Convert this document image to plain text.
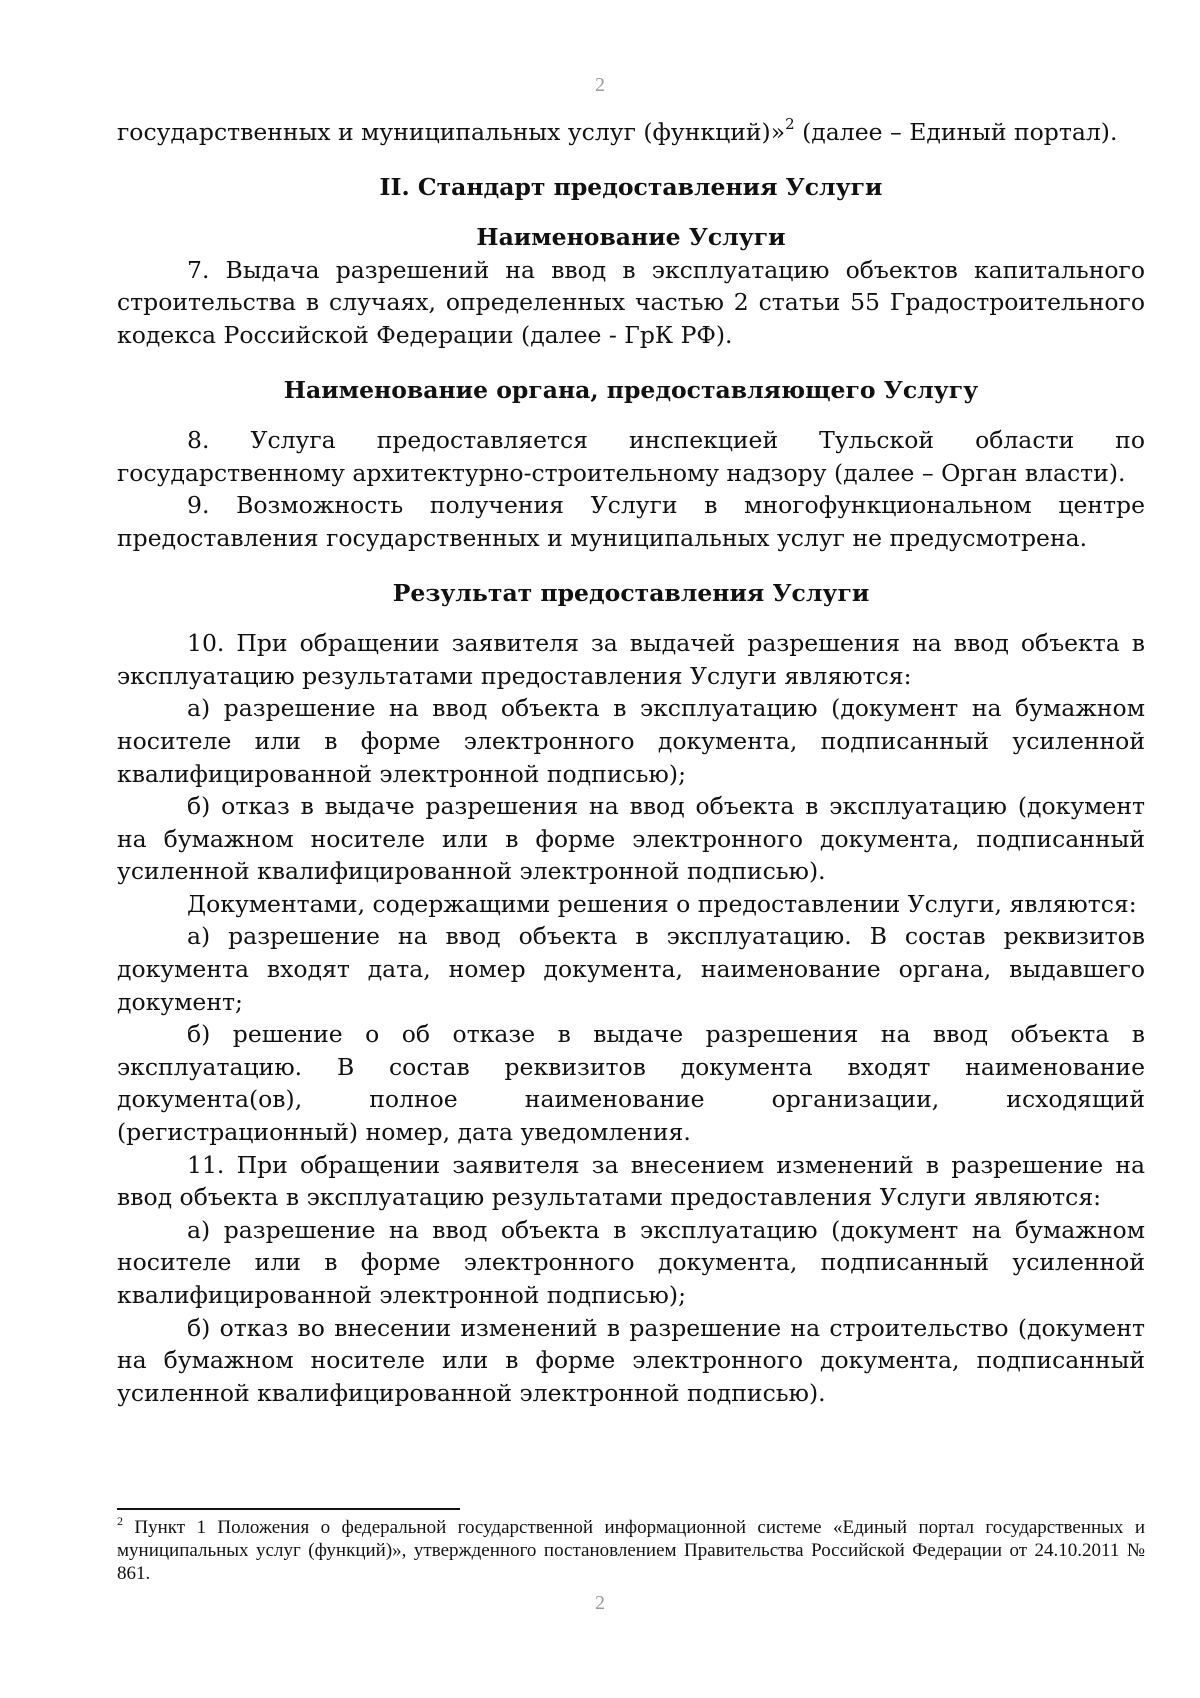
2

государственных и муниципальных услуг (функций)»$^2$ (далее – Единый портал).

II. Стандарт предоставления Услуги

Наименование Услуги

7. Выдача разрешений на ввод в эксплуатацию объектов капитального строительства в случаях, определенных частью 2 статьи 55 Градостроительного кодекса Российской Федерации (далее - ГрК РФ).

Наименование органа, предоставляющего Услугу

8. Услуга предоставляется инспекцией Тульской области по государственному архитектурно-строительному надзору (далее – Орган власти).

9. Возможность получения Услуги в многофункциональном центре предоставления государственных и муниципальных услуг не предусмотрена.

Результат предоставления Услуги

10. При обращении заявителя за выдачей разрешения на ввод объекта в эксплуатацию результатами предоставления Услуги являются:

а) разрешение на ввод объекта в эксплуатацию (документ на бумажном носителе или в форме электронного документа, подписанный усиленной квалифицированной электронной подписью);

б) отказ в выдаче разрешения на ввод объекта в эксплуатацию (документ на бумажном носителе или в форме электронного документа, подписанный усиленной квалифицированной электронной подписью).

Документами, содержащими решения о предоставлении Услуги, являются:

а) разрешение на ввод объекта в эксплуатацию. В состав реквизитов документа входят дата, номер документа, наименование органа, выдавшего документ;

б) решение о об отказе в выдаче разрешения на ввод объекта в эксплуатацию. В состав реквизитов документа входят наименование документа(ов), полное наименование организации, исходящий (регистрационный) номер, дата уведомления.

11. При обращении заявителя за внесением изменений в разрешение на ввод объекта в эксплуатацию результатами предоставления Услуги являются:

а) разрешение на ввод объекта в эксплуатацию (документ на бумажном носителе или в форме электронного документа, подписанный усиленной квалифицированной электронной подписью);

б) отказ во внесении изменений в разрешение на строительство (документ на бумажном носителе или в форме электронного документа, подписанный усиленной квалифицированной электронной подписью).

$^2$ Пункт 1 Положения о федеральной государственной информационной системе «Единый портал государственных и муниципальных услуг (функций)», утвержденного постановлением Правительства Российской Федерации от 24.10.2011 № 861.
2
